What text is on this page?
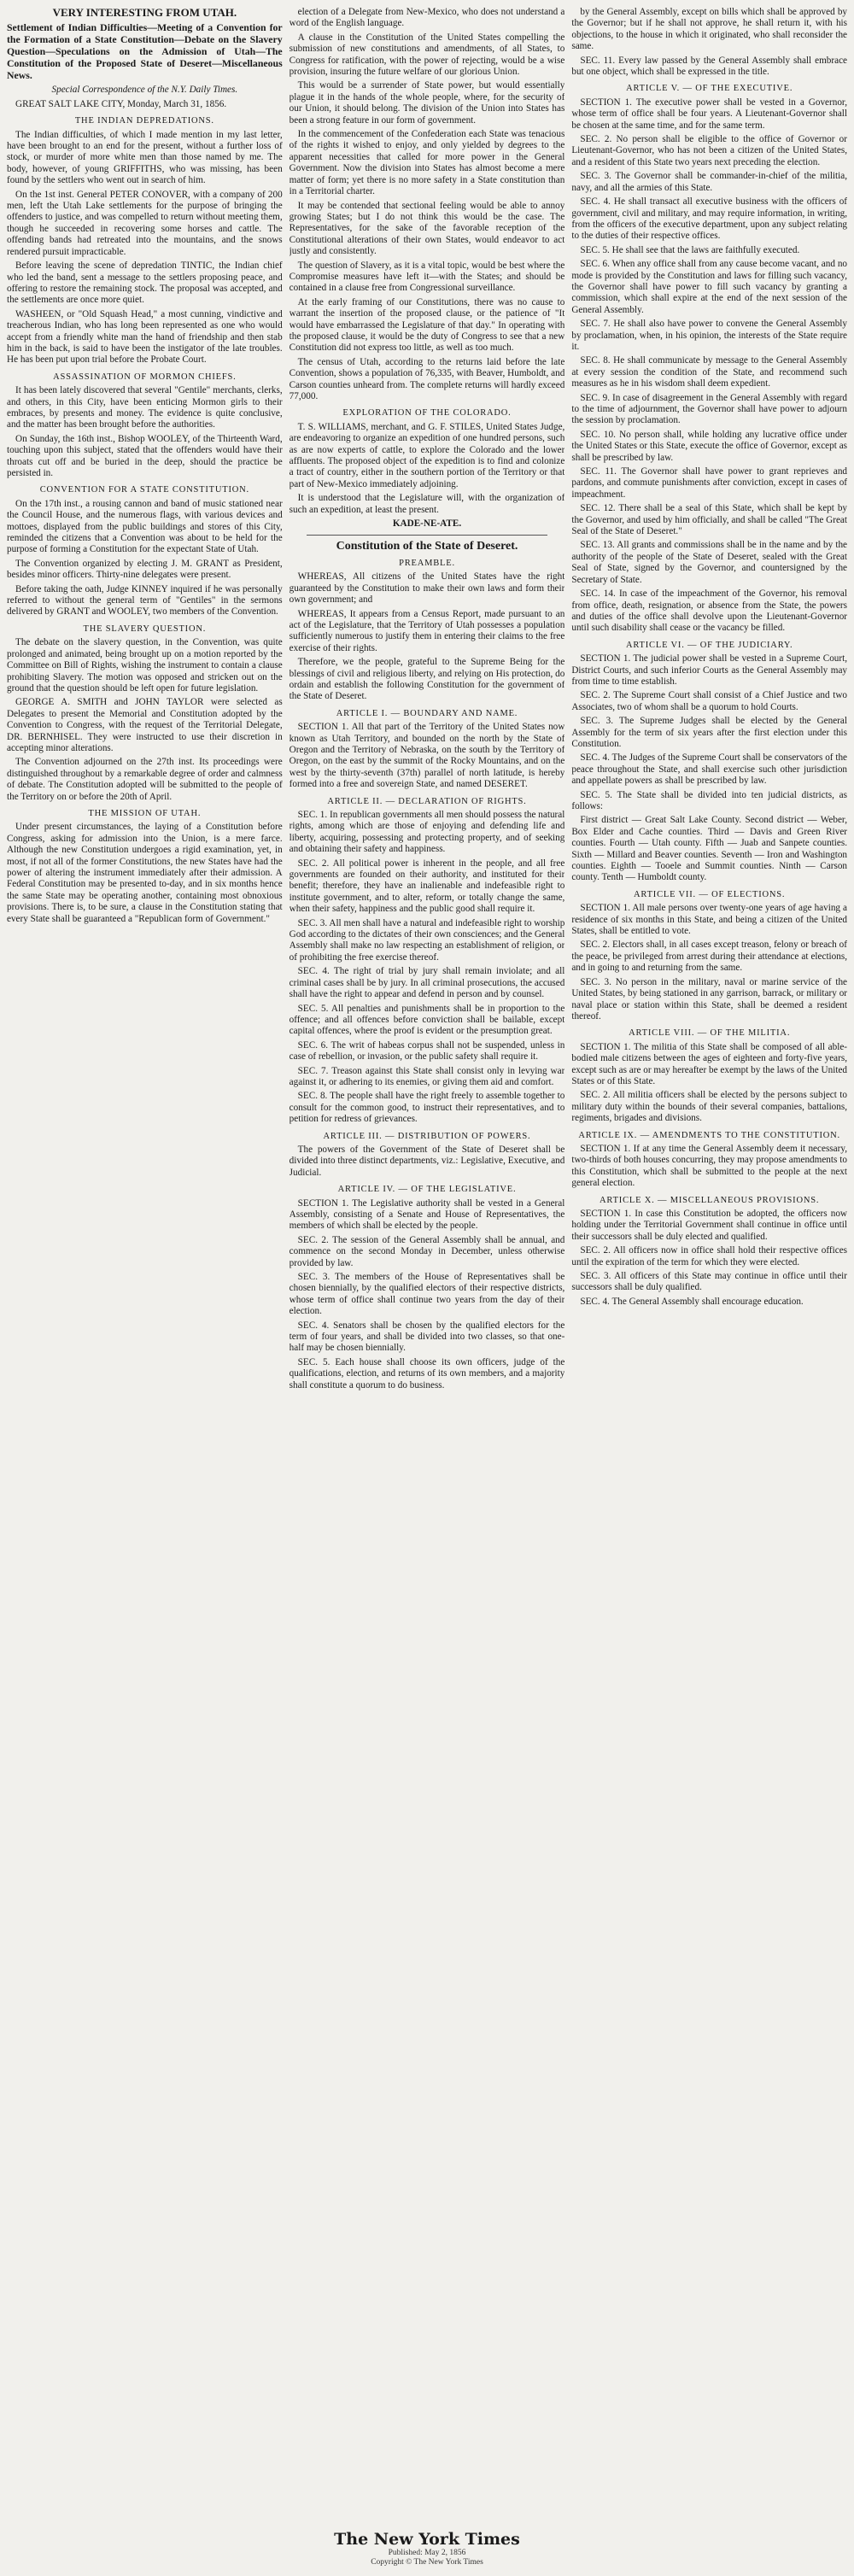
VERY INTERESTING FROM UTAH.
Settlement of Indian Difficulties—Meeting of a Convention for the Formation of a State Constitution—Debate on the Slavery Question—Speculations on the Admission of Utah—The Constitution of the Proposed State of Deseret—Miscellaneous News.
Special Correspondence of the N.Y. Daily Times.

GREAT SALT LAKE CITY, Monday, March 31, 1856.

THE INDIAN DEPREDATIONS.

The Indian difficulties, of which I made mention in my last letter, have been brought to an end for the present, without a further loss of stock, or murder of more white men than those named by me. The body, however, of young GRIFFITHS, who was missing, has been found by the settlers who went out in search of him.

On the 1st inst. General PETER CONOVER, with a company of 200 men, left the Utah Lake settlements for the purpose of bringing the offenders to justice, and was compelled to return without meeting them, though he succeeded in recovering some horses and cattle. The offending bands had retreated into the mountains, and the snows rendered pursuit impracticable.

Before leaving the scene of depredation TINTIC, the Indian chief who led the band, sent a message to the settlers proposing peace, and offering to restore the remaining stock. The proposal was accepted, and the settlements are once more quiet.

WASHEEN, or "Old Squash Head," a most cunning, vindictive and treacherous Indian, who has long been represented as one who would accept from a friendly white man the hand of friendship and then stab him in the back, is said to have been the instigator of the late troubles. He has been put upon trial before the Probate Court.

ASSASSINATION OF MORMON CHIEFS.

It has been lately discovered that several "Gentile" merchants, clerks, and others, in this City, have been enticing Mormon girls to their embraces, by presents and money. The evidence is quite conclusive, and the matter has been brought before the authorities.

On Sunday, the 16th inst., Bishop WOOLEY, of the Thirteenth Ward, touching upon this subject, stated that the offenders would have their throats cut off and be buried in the deep, should the practice be persisted in.

CONVENTION FOR A STATE CONSTITUTION.

On the 17th inst., a rousing cannon and band of music stationed near the Council House, and the numerous flags, with various devices and mottoes, displayed from the public buildings and stores of this City, reminded the citizens that a Convention was about to be held for the purpose of forming a Constitution for the expectant State of Utah.

The Convention organized by electing J. M. GRANT as President, besides minor officers. Thirty-nine delegates were present.

Before taking the oath, Judge KINNEY inquired if he was personally referred to without the general term of "Gentiles" in the sermons delivered by GRANT and WOOLEY, two members of the Convention.

THE SLAVERY QUESTION.

The debate on the slavery question, in the Convention, was quite prolonged and animated, being brought up on a motion reported by the Committee on Bill of Rights, wishing the instrument to contain a clause prohibiting Slavery. The motion was opposed and stricken out on the ground that the question should be left open for future legislation.

GEORGE A. SMITH and JOHN TAYLOR were selected as Delegates to present the Memorial and Constitution adopted by the Convention to Congress, with the request of the Territorial Delegate, DR. BERNHISEL. They were instructed to use their discretion in accepting minor alterations.

The Convention adjourned on the 27th inst. Its proceedings were distinguished throughout by a remarkable degree of order and calmness of debate. The Constitution adopted will be submitted to the people of the Territory on or before the 20th of April.

THE MISSION OF UTAH.

Under present circumstances, the laying of a Constitution before Congress, asking for admission into the Union, is a mere farce. Although the new Constitution undergoes a rigid examination, yet, in most, if not all of the former Constitutions, the new States have had the power of altering the instrument immediately after their admission. A Federal Constitution may be presented to-day, and in six months hence the same State may be operating another, containing most obnoxious provisions. There is, to be sure, a clause in the Constitution stating that every State shall be guaranteed a "Republican form of Government."

election of a Delegate from New-Mexico, who does not understand a word of the English language.

A clause in the Constitution of the United States compelling the submission of new constitutions and amendments, of all States, to Congress for ratification, with the power of rejecting, would be a wise provision, insuring the future welfare of our glorious Union.

This would be a surrender of State power, but would essentially plague it in the hands of the whole people, where, for the security of our Union, it should belong. The division of the Union into States has been a strong feature in our form of government.

In the commencement of the Confederation each State was tenacious of the rights it wished to enjoy, and only yielded by degrees to the apparent necessities that called for more power in the General Government. Now the division into States has almost become a mere matter of form; yet there is no more safety in a State constitution than in a Territorial charter.

It may be contended that sectional feeling would be able to annoy growing States; but I do not think this would be the case. The Representatives, for the sake of the favorable reception of the Constitutional alterations of their own States, would endeavor to act justly and consistently.

The question of Slavery, as it is a vital topic, would be best where the Compromise measures have left it—with the States; and should be contained in a clause free from Congressional surveillance.

At the early framing of our Constitutions, there was no cause to warrant the insertion of the proposed clause, or the patience of "It would have embarrassed the Legislature of that day." In operating with the proposed clause, it would be the duty of Congress to see that a new Constitution did not express too little, as well as too much.

The census of Utah, according to the returns laid before the late Convention, shows a population of 76,335, with Beaver, Humboldt, and Carson counties unheard from. The complete returns will hardly exceed 77,000.

EXPLORATION OF THE COLORADO.

T. S. WILLIAMS, merchant, and G. F. STILES, United States Judge, are endeavoring to organize an expedition of one hundred persons, such as are now experts of cattle, to explore the Colorado and the lower affluents. The proposed object of the expedition is to find and colonize a tract of country, either in the southern portion of the Territory or that part of New-Mexico immediately adjoining.

It is understood that the Legislature will, with the organization of such an expedition, at least the present.

KADE-NE-ATE.
Constitution of the State of Deseret.
PREAMBLE.

WHEREAS, All citizens of the United States have the right guaranteed by the Constitution to make their own laws and form their own government; and

WHEREAS, It appears from a Census Report, made pursuant to an act of the Legislature, that the Territory of Utah possesses a population sufficiently numerous to justify them in entering their claims to the free exercise of their rights.

Therefore, we the people, grateful to the Supreme Being for the blessings of civil and religious liberty, and relying on His protection, do ordain and establish the following Constitution for the government of the State of Deseret.

ARTICLE I. — BOUNDARY AND NAME.

SECTION 1. All that part of the Territory of the United States now known as Utah Territory, and bounded on the north by the State of Oregon and the Territory of Nebraska, on the south by the Territory of Oregon, on the east by the summit of the Rocky Mountains, and on the west by the thirty-seventh (37th) parallel of north latitude, is hereby formed into a free and sovereign State, and named DESERET.

ARTICLE II. — DECLARATION OF RIGHTS.

SEC. 1. In republican governments all men should possess the natural rights, among which are those of enjoying and defending life and liberty, acquiring, possessing and protecting property, and of seeking and obtaining their safety and happiness.

SEC. 2. All political power is inherent in the people, and all free governments are founded on their authority, and instituted for their benefit; therefore, they have an inalienable and indefeasible right to institute government, and to alter, reform, or totally change the same, when their safety, happiness and the public good shall require it.

SEC. 3. All men shall have a natural and indefeasible right to worship God according to the dictates of their own consciences; and the General Assembly shall make no law respecting an establishment of religion, or of prohibiting the free exercise thereof.

SEC. 4. The right of trial by jury shall remain inviolate; and all criminal cases shall be by jury. In all criminal prosecutions, the accused shall have the right to appear and defend in person and by counsel.

SEC. 5. All penalties and punishments shall be in proportion to the offence; and all offences before conviction shall be bailable, except capital offences, where the proof is evident or the presumption great.

SEC. 6. The writ of habeas corpus shall not be suspended, unless in case of rebellion, or invasion, or the public safety shall require it.

SEC. 7. Treason against this State shall consist only in levying war against it, or adhering to its enemies, or giving them aid and comfort.

SEC. 8. The people shall have the right freely to assemble together to consult for the common good, to instruct their representatives, and to petition for redress of grievances.

ARTICLE III. — DISTRIBUTION OF POWERS.

The powers of the Government of the State of Deseret shall be divided into three distinct departments, viz.: Legislative, Executive, and Judicial.

ARTICLE IV. — OF THE LEGISLATIVE.

SECTION 1. The Legislative authority shall be vested in a General Assembly, consisting of a Senate and House of Representatives, the members of which shall be elected by the people.

SEC. 2. The session of the General Assembly shall be annual, and commence on the second Monday in December, unless otherwise provided by law.

SEC. 3. The members of the House of Representatives shall be chosen biennially, by the qualified electors of their respective districts, whose term of office shall continue two years from the day of their election.

SEC. 4. Senators shall be chosen by the qualified electors for the term of four years, and shall be divided into two classes, so that one-half may be chosen biennially.

SEC. 5. Each house shall choose its own officers, judge of the qualifications, election, and returns of its own members, and a majority shall constitute a quorum to do business.

by the General Assembly, except on bills which shall be approved by the Governor; but if he shall not approve, he shall return it, with his objections, to the house in which it originated, who shall reconsider the same.

SEC. 11. Every law passed by the General Assembly shall embrace but one object, which shall be expressed in the title.

ARTICLE V. — OF THE EXECUTIVE.

SECTION 1. The executive power shall be vested in a Governor, whose term of office shall be four years. A Lieutenant-Governor shall be chosen at the same time, and for the same term.

SEC. 2. No person shall be eligible to the office of Governor or Lieutenant-Governor, who has not been a citizen of the United States, and a resident of this State two years next preceding the election.

SEC. 3. The Governor shall be commander-in-chief of the militia, navy, and all the armies of this State.

SEC. 4. He shall transact all executive business with the officers of government, civil and military, and may require information, in writing, from the officers of the executive department, upon any subject relating to the duties of their respective offices.

SEC. 5. He shall see that the laws are faithfully executed.

SEC. 6. When any office shall from any cause become vacant, and no mode is provided by the Constitution and laws for filling such vacancy, the Governor shall have power to fill such vacancy by granting a commission, which shall expire at the end of the next session of the General Assembly.

SEC. 7. He shall also have power to convene the General Assembly by proclamation, when, in his opinion, the interests of the State require it.

SEC. 8. He shall communicate by message to the General Assembly at every session the condition of the State, and recommend such measures as he in his wisdom shall deem expedient.

SEC. 9. In case of disagreement in the General Assembly with regard to the time of adjournment, the Governor shall have power to adjourn the session by proclamation.

SEC. 10. No person shall, while holding any lucrative office under the United States or this State, execute the office of Governor, except as shall be prescribed by law.

SEC. 11. The Governor shall have power to grant reprieves and pardons, and commute punishments after conviction, except in cases of impeachment.

SEC. 12. There shall be a seal of this State, which shall be kept by the Governor, and used by him officially, and shall be called "The Great Seal of the State of Deseret."

SEC. 13. All grants and commissions shall be in the name and by the authority of the people of the State of Deseret, sealed with the Great Seal of State, signed by the Governor, and countersigned by the Secretary of State.

SEC. 14. In case of the impeachment of the Governor, his removal from office, death, resignation, or absence from the State, the powers and duties of the office shall devolve upon the Lieutenant-Governor until such disability shall cease or the vacancy be filled.

ARTICLE VI. — OF THE JUDICIARY.

SECTION 1. The judicial power shall be vested in a Supreme Court, District Courts, and such inferior Courts as the General Assembly may from time to time establish.

SEC. 2. The Supreme Court shall consist of a Chief Justice and two Associates, two of whom shall be a quorum to hold Courts.

SEC. 3. The Supreme Judges shall be elected by the General Assembly for the term of six years after the first election under this Constitution.

SEC. 4. The Judges of the Supreme Court shall be conservators of the peace throughout the State, and shall exercise such other jurisdiction and appellate powers as shall be prescribed by law.

SEC. 5. The State shall be divided into ten judicial districts, as follows:

First district — Great Salt Lake County. Second district — Weber, Box Elder and Cache counties. Third — Davis and Green River counties. Fourth — Utah county. Fifth — Juab and Sanpete counties. Sixth — Millard and Beaver counties. Seventh — Iron and Washington counties. Eighth — Tooele and Summit counties. Ninth — Carson county. Tenth — Humboldt county.

ARTICLE VII. — OF ELECTIONS.

SECTION 1. All male persons over twenty-one years of age having a residence of six months in this State, and being a citizen of the United States, shall be entitled to vote.

SEC. 2. Electors shall, in all cases except treason, felony or breach of the peace, be privileged from arrest during their attendance at elections, and in going to and returning from the same.

SEC. 3. No person in the military, naval or marine service of the United States, by being stationed in any garrison, barrack, or military or naval place or station within this State, shall be deemed a resident thereof.

ARTICLE VIII. — OF THE MILITIA.

SECTION 1. The militia of this State shall be composed of all able-bodied male citizens between the ages of eighteen and forty-five years, except such as are or may hereafter be exempt by the laws of the United States or of this State.

SEC. 2. All militia officers shall be elected by the persons subject to military duty within the bounds of their several companies, battalions, regiments, brigades and divisions.

ARTICLE IX. — AMENDMENTS TO THE CONSTITUTION.

SECTION 1. If at any time the General Assembly deem it necessary, two-thirds of both houses concurring, they may propose amendments to this Constitution, which shall be submitted to the people at the next general election.

ARTICLE X. — MISCELLANEOUS PROVISIONS.

SECTION 1. In case this Constitution be adopted, the officers now holding under the Territorial Government shall continue in office until their successors shall be duly elected and qualified.

SEC. 2. All officers now in office shall hold their respective offices until the expiration of the term for which they were elected.

SEC. 3. All officers of this State may continue in office until their successors shall be duly qualified.

SEC. 4. The General Assembly shall encourage education.

The New York Times
Published: May 2, 1856
Copyright © The New York Times
